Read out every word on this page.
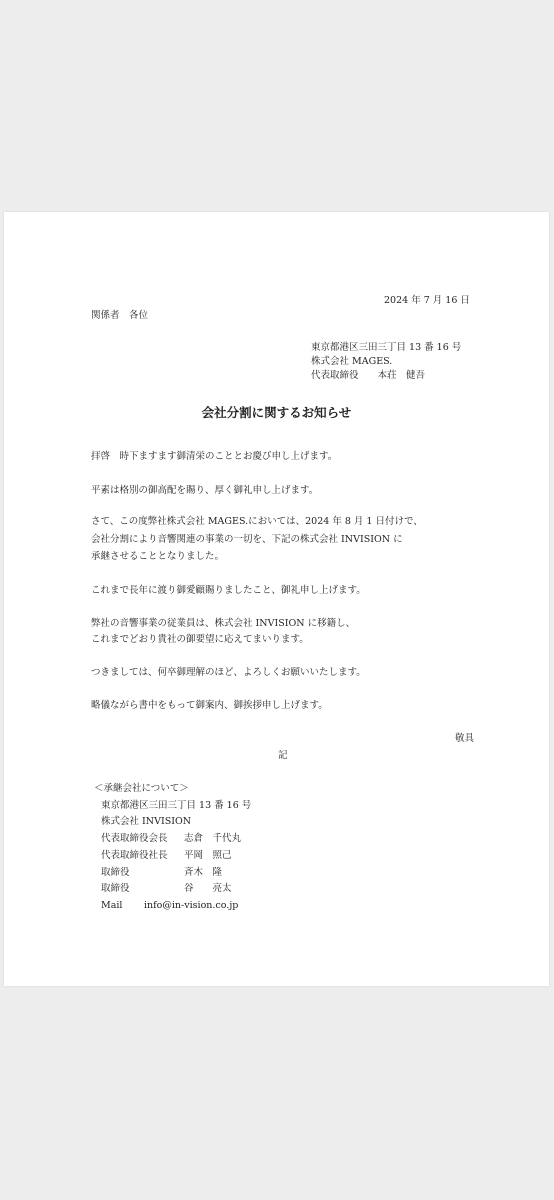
2024 年 7 月 16 日
関係者　各位
東京都港区三田三丁目 13 番 16 号
株式会社 MAGES.
代表取締役　　本荘　健吾
会社分割に関するお知らせ
拝啓　時下ますます御清栄のこととお慶び申し上げます。
平素は格別の御高配を賜り、厚く御礼申し上げます。
さて、この度弊社株式会社 MAGES.においては、2024 年 8 月 1 日付けで、
会社分割により音響関連の事業の一切を、下記の株式会社 INVISION に
承継させることとなりました。
これまで長年に渡り御愛顧賜りましたこと、御礼申し上げます。
弊社の音響事業の従業員は、株式会社 INVISION に移籍し、
これまでどおり貴社の御要望に応えてまいります。
つきましては、何卒御理解のほど、よろしくお願いいたします。
略儀ながら書中をもって御案内、御挨拶申し上げます。
敬具
記
＜承継会社について＞
東京都港区三田三丁目 13 番 16 号
株式会社 INVISION
代表取締役会長 志倉　千代丸
代表取締役社長 平岡　照己
取締役	斉木　隆
取締役	谷　　亮太
Mail info@in-vision.co.jp
